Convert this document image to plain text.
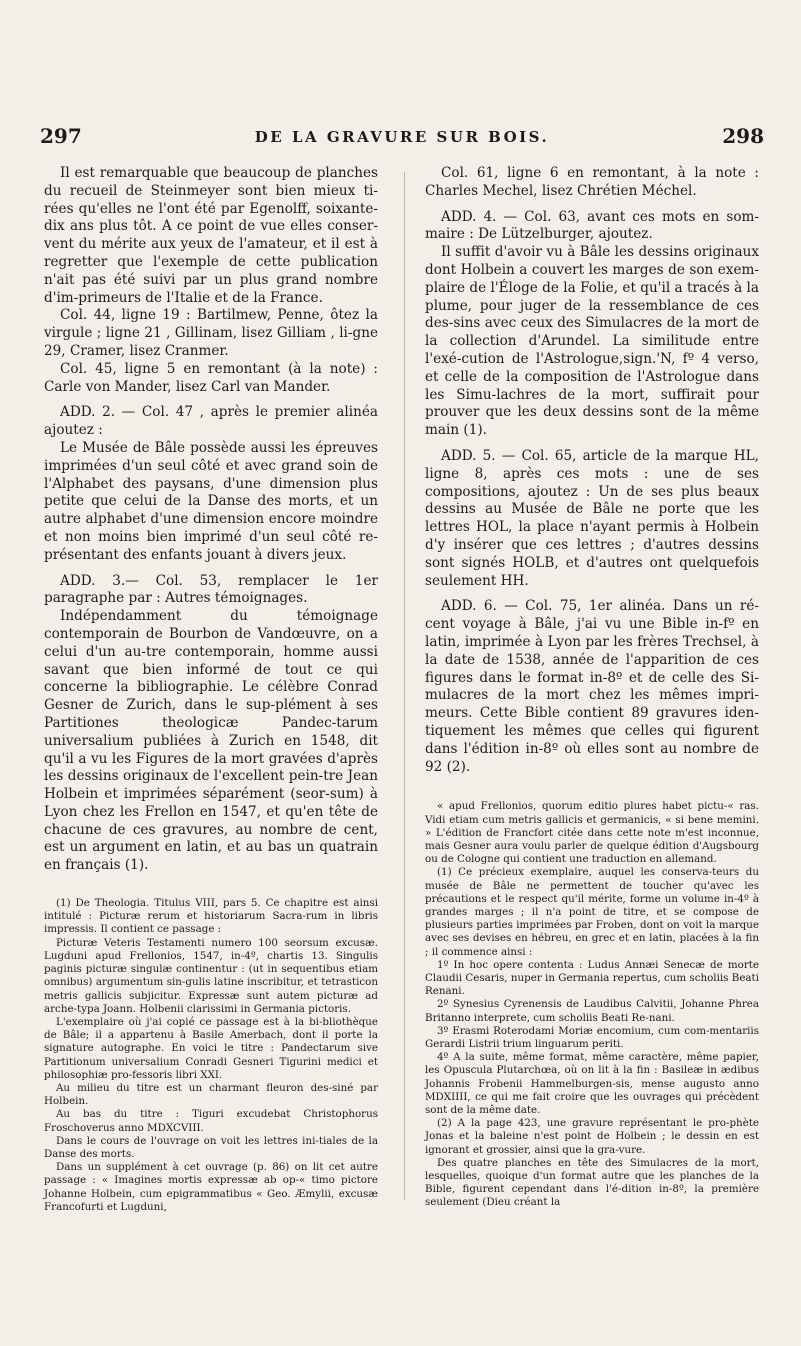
297	DE LA GRAVURE SUR BOIS.	298

Il est remarquable que beaucoup de planches du recueil de Steinmeyer sont bien mieux ti-rées qu'elles ne l'ont été par Egenolff, soixante-dix ans plus tôt. A ce point de vue elles conser-vent du mérite aux yeux de l'amateur, et il est à regretter que l'exemple de cette publication n'ait pas été suivi par un plus grand nombre d'im-primeurs de l'Italie et de la France.

Col. 44, ligne 19 : Bartilmew, Penne, ôtez la virgule ; ligne 21 , Gillinam, lisez Gilliam , li-gne 29, Cramer, lisez Cranmer.

Col. 45, ligne 5 en remontant (à la note) : Carle von Mander, lisez Carl van Mander.

ADD. 2. — Col. 47 , après le premier alinéa ajoutez :

Le Musée de Bâle possède aussi les épreuves imprimées d'un seul côté et avec grand soin de l'Alphabet des paysans, d'une dimension plus petite que celui de la Danse des morts, et un autre alphabet d'une dimension encore moindre et non moins bien imprimé d'un seul côté re-présentant des enfants jouant à divers jeux.

ADD. 3.— Col. 53, remplacer le 1er paragraphe par : Autres témoignages.

Indépendamment du témoignage contemporain de Bourbon de Vandœuvre, on a celui d'un au-tre contemporain, homme aussi savant que bien informé de tout ce qui concerne la bibliographie. Le célèbre Conrad Gesner de Zurich, dans le sup-plément à ses Partitiones theologicæ Pandec-tarum universalium publiées à Zurich en 1548, dit qu'il a vu les Figures de la mort gravées d'après les dessins originaux de l'excellent pein-tre Jean Holbein et imprimées séparément (seor-sum) à Lyon chez les Frellon en 1547, et qu'en tête de chacune de ces gravures, au nombre de cent, est un argument en latin, et au bas un quatrain en français (1).

(1) De Theologia. Titulus VIII, pars 5. Ce chapitre est ainsi intitulé : Picturæ rerum et historiarum Sacra-rum in libris impressis. Il contient ce passage :

Picturæ Veteris Testamenti numero 100 seorsum excusæ. Lugduni apud Frellonios, 1547, in-4º, chartis 13. Singulis paginis picturæ singulæ continentur : (ut in sequentibus etiam omnibus) argumentum sin-gulis latine inscribitur, et tetrasticon metris gallicis subjicitur. Expressæ sunt autem picturæ ad arche-typa Joann. Holbenii clarissimi in Germania pictoris.

L'exemplaire où j'ai copié ce passage est à la bi-bliothèque de Bâle; il a appartenu à Basile Amerbach, dont il porte la signature autographe. En voici le titre : Pandectarum sive Partitionum universalium Conradi Gesneri Tigurini medici et philosophiæ pro-fessoris libri XXI.

Au milieu du titre est un charmant fleuron des-siné par Holbein.

Au bas du titre : Tiguri excudebat Christophorus Froschoverus anno MDXCVIII.

Dans le cours de l'ouvrage on voit les lettres ini-tiales de la Danse des morts.

Dans un supplément à cet ouvrage (p. 86) on lit cet autre passage : « Imagines mortis expressæ ab op-« timo pictore Johanne Holbein, cum epigrammatibus « Geo. Æmylii, excusæ Francofurti et Lugduni,

Col. 61, ligne 6 en remontant, à la note : Charles Mechel, lisez Chrétien Méchel.

ADD. 4. — Col. 63, avant ces mots en som-maire : De Lützelburger, ajoutez.

Il suffit d'avoir vu à Bâle les dessins originaux dont Holbein a couvert les marges de son exem-plaire de l'Éloge de la Folie, et qu'il a tracés à la plume, pour juger de la ressemblance de ces des-sins avec ceux des Simulacres de la mort de la collection d'Arundel. La similitude entre l'exé-cution de l'Astrologue,sign.'N, fº 4 verso, et celle de la composition de l'Astrologue dans les Simu-lachres de la mort, suffirait pour prouver que les deux dessins sont de la même main (1).

ADD. 5. — Col. 65, article de la marque HL, ligne 8, après ces mots : une de ses compositions, ajoutez : Un de ses plus beaux dessins au Musée de Bâle ne porte que les lettres HOL, la place n'ayant permis à Holbein d'y insérer que ces lettres ; d'autres dessins sont signés HOLB, et d'autres ont quelquefois seulement HH.

ADD. 6. — Col. 75, 1er alinéa. Dans un ré-cent voyage à Bâle, j'ai vu une Bible in-fº en latin, imprimée à Lyon par les frères Trechsel, à la date de 1538, année de l'apparition de ces figures dans le format in-8º et de celle des Si-mulacres de la mort chez les mêmes impri-meurs. Cette Bible contient 89 gravures iden-tiquement les mêmes que celles qui figurent dans l'édition in-8º où elles sont au nombre de 92 (2).

« apud Frellonios, quorum editio plures habet pictu-« ras. Vidi etiam cum metris gallicis et germanicis, « si bene memini. » L'édition de Francfort citée dans cette note m'est inconnue, mais Gesner aura voulu parler de quelque édition d'Augsbourg ou de Cologne qui contient une traduction en allemand.

(1) Ce précieux exemplaire, auquel les conserva-teurs du musée de Bâle ne permettent de toucher qu'avec les précautions et le respect qu'il mérite, forme un volume in-4º à grandes marges ; il n'a point de titre, et se compose de plusieurs parties imprimées par Froben, dont on voit la marque avec ses devises en hébreu, en grec et en latin, placées à la fin ; il commence ainsi :

1º In hoc opere contenta : Ludus Annæi Senecæ de morte Claudii Cesaris, nuper in Germania repertus, cum scholiis Beati Renani.

2º Synesius Cyrenensis de Laudibus Calvitii, Johanne Phrea Britanno interprete, cum scholiis Beati Re-nani.

3º Erasmi Roterodami Moriæ encomium, cum com-mentariis Gerardi Listrii trium linguarum periti.

4º A la suite, même format, même caractère, même papier, les Opuscula Plutarchœa, où on lit à la fin : Basileæ in ædibus Johannis Frobenii Hammelburgen-sis, mense augusto anno MDXIIII, ce qui me fait croire que les ouvrages qui précèdent sont de la même date.

(2) A la page 423, une gravure représentant le pro-phète Jonas et la baleine n'est point de Holbein ; le dessin en est ignorant et grossier, ainsi que la gra-vure.

Des quatre planches en tête des Simulacres de la mort, lesquelles, quoique d'un format autre que les planches de la Bible, figurent cependant dans l'é-dition in-8º, la première seulement (Dieu créant la
